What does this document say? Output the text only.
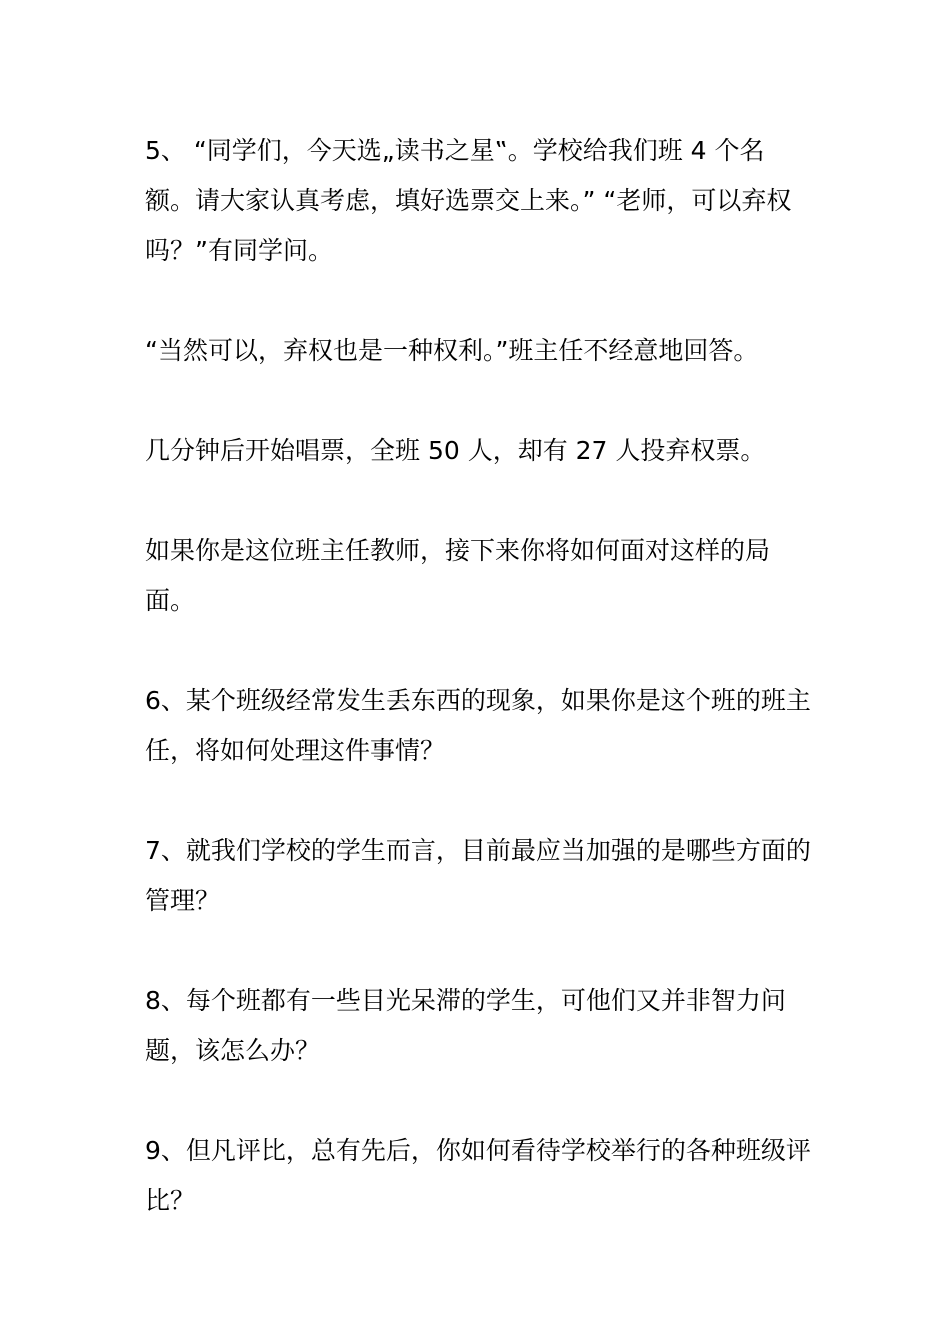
5、 “同学们，今天选„读书之星‟。学校给我们班 4 个名额。请大家认真考虑，填好选票交上来。” “老师，可以弃权吗？”有同学问。

“当然可以，弃权也是一种权利。”班主任不经意地回答。

几分钟后开始唱票，全班 50 人，却有 27 人投弃权票。

如果你是这位班主任教师，接下来你将如何面对这样的局面。

6、某个班级经常发生丢东西的现象，如果你是这个班的班主任，将如何处理这件事情？

7、就我们学校的学生而言，目前最应当加强的是哪些方面的管理？

8、每个班都有一些目光呆滞的学生，可他们又并非智力问题，该怎么办？

9、但凡评比，总有先后，你如何看待学校举行的各种班级评比？
